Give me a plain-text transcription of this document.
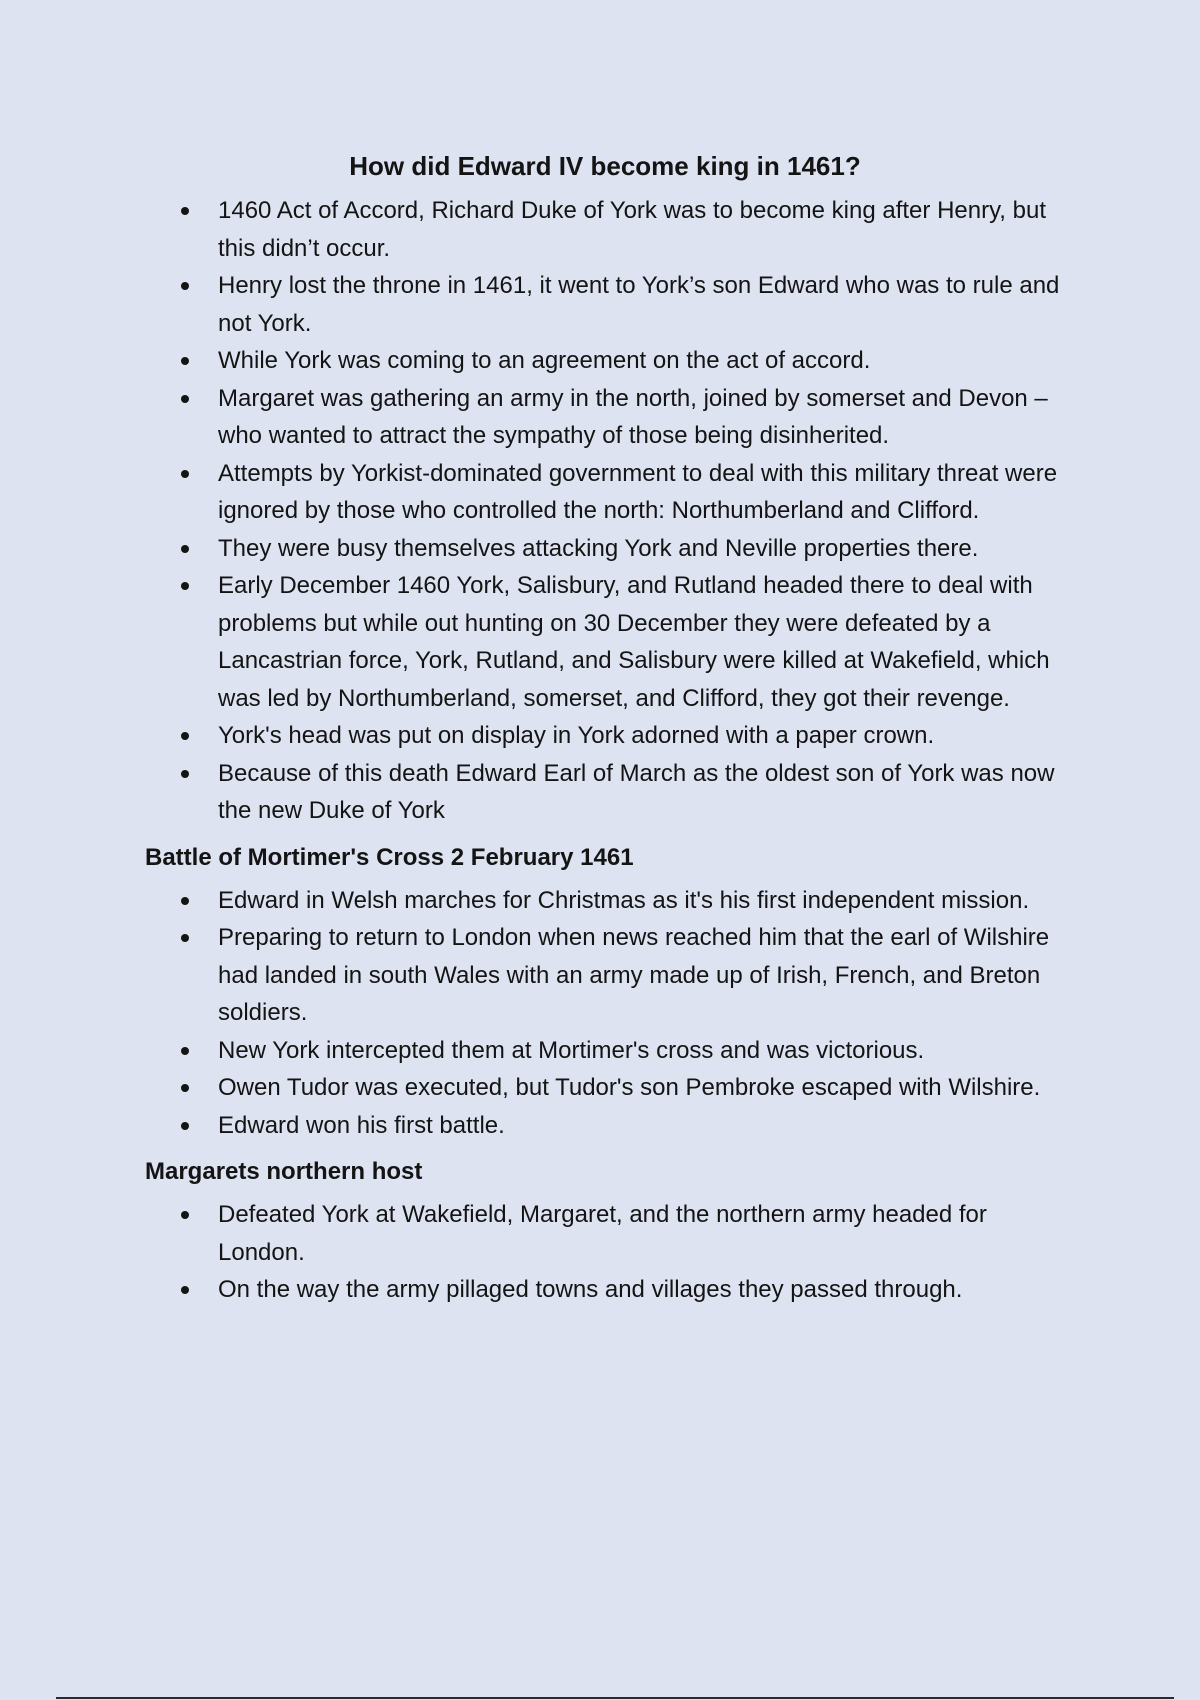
How did Edward IV become king in 1461?
1460 Act of Accord, Richard Duke of York was to become king after Henry, but this didn’t occur.
Henry lost the throne in 1461, it went to York’s son Edward who was to rule and not York.
While York was coming to an agreement on the act of accord.
Margaret was gathering an army in the north, joined by somerset and Devon – who wanted to attract the sympathy of those being disinherited.
Attempts by Yorkist-dominated government to deal with this military threat were ignored by those who controlled the north: Northumberland and Clifford.
They were busy themselves attacking York and Neville properties there.
Early December 1460 York, Salisbury, and Rutland headed there to deal with problems but while out hunting on 30 December they were defeated by a Lancastrian force, York, Rutland, and Salisbury were killed at Wakefield, which was led by Northumberland, somerset, and Clifford, they got their revenge.
York's head was put on display in York adorned with a paper crown.
Because of this death Edward Earl of March as the oldest son of York was now the new Duke of York
Battle of Mortimer's Cross 2 February 1461
Edward in Welsh marches for Christmas as it's his first independent mission.
Preparing to return to London when news reached him that the earl of Wilshire had landed in south Wales with an army made up of Irish, French, and Breton soldiers.
New York intercepted them at Mortimer's cross and was victorious.
Owen Tudor was executed, but Tudor's son Pembroke escaped with Wilshire.
Edward won his first battle.
Margarets northern host
Defeated York at Wakefield, Margaret, and the northern army headed for London.
On the way the army pillaged towns and villages they passed through.
